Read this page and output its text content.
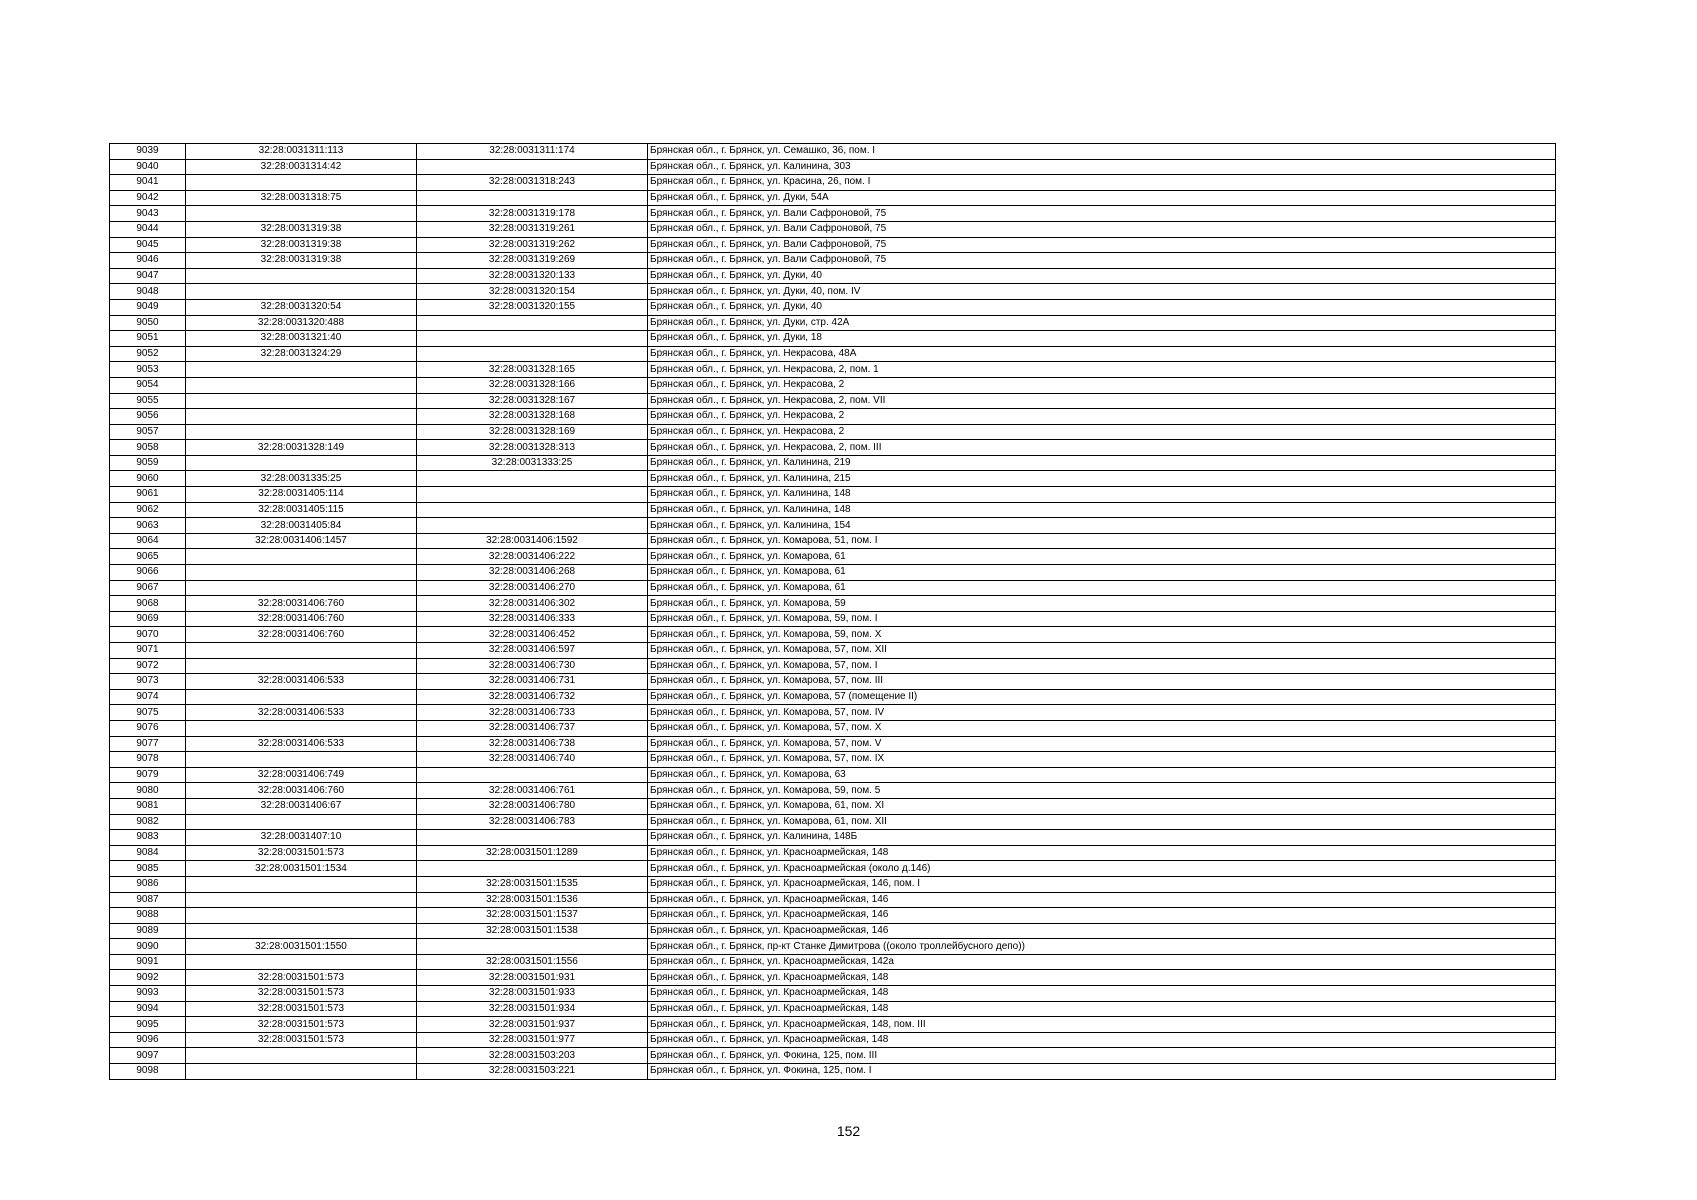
9039	32:28:0031311:113	32:28:0031311:174	Брянская обл., г. Брянск, ул. Семашко, 36, пом. I
9040	32:28:0031314:42		Брянская обл., г. Брянск, ул. Калинина, 303
9041		32:28:0031318:243	Брянская обл., г. Брянск, ул. Красина, 26, пом. I
9042	32:28:0031318:75		Брянская обл., г. Брянск, ул. Дуки, 54А
9043		32:28:0031319:178	Брянская обл., г. Брянск, ул. Вали Сафроновой, 75
9044	32:28:0031319:38	32:28:0031319:261	Брянская обл., г. Брянск, ул. Вали Сафроновой, 75
9045	32:28:0031319:38	32:28:0031319:262	Брянская обл., г. Брянск, ул. Вали Сафроновой, 75
9046	32:28:0031319:38	32:28:0031319:269	Брянская обл., г. Брянск, ул. Вали Сафроновой, 75
9047		32:28:0031320:133	Брянская обл., г. Брянск, ул. Дуки, 40
9048		32:28:0031320:154	Брянская обл., г. Брянск, ул. Дуки, 40, пом. IV
9049	32:28:0031320:54	32:28:0031320:155	Брянская обл., г. Брянск, ул. Дуки, 40
9050	32:28:0031320:488		Брянская обл., г. Брянск, ул. Дуки, стр. 42А
9051	32:28:0031321:40		Брянская обл., г. Брянск, ул. Дуки, 18
9052	32:28:0031324:29		Брянская обл., г. Брянск, ул. Некрасова, 48А
9053		32:28:0031328:165	Брянская обл., г. Брянск, ул. Некрасова, 2, пом. 1
9054		32:28:0031328:166	Брянская обл., г. Брянск, ул. Некрасова, 2
9055		32:28:0031328:167	Брянская обл., г. Брянск, ул. Некрасова, 2, пом. VII
9056		32:28:0031328:168	Брянская обл., г. Брянск, ул. Некрасова, 2
9057		32:28:0031328:169	Брянская обл., г. Брянск, ул. Некрасова, 2
9058	32:28:0031328:149	32:28:0031328:313	Брянская обл., г. Брянск, ул. Некрасова, 2, пом. III
9059		32:28:0031333:25	Брянская обл., г. Брянск, ул. Калинина, 219
9060	32:28:0031335:25		Брянская обл., г. Брянск, ул. Калинина, 215
9061	32:28:0031405:114		Брянская обл., г. Брянск, ул. Калинина, 148
9062	32:28:0031405:115		Брянская обл., г. Брянск, ул. Калинина, 148
9063	32:28:0031405:84		Брянская обл., г. Брянск, ул. Калинина, 154
9064	32:28:0031406:1457	32:28:0031406:1592	Брянская обл., г. Брянск, ул. Комарова, 51, пом. I
9065		32:28:0031406:222	Брянская обл., г. Брянск, ул. Комарова, 61
9066		32:28:0031406:268	Брянская обл., г. Брянск, ул. Комарова, 61
9067		32:28:0031406:270	Брянская обл., г. Брянск, ул. Комарова, 61
9068	32:28:0031406:760	32:28:0031406:302	Брянская обл., г. Брянск, ул. Комарова, 59
9069	32:28:0031406:760	32:28:0031406:333	Брянская обл., г. Брянск, ул. Комарова, 59, пом. I
9070	32:28:0031406:760	32:28:0031406:452	Брянская обл., г. Брянск, ул. Комарова, 59, пом. X
9071		32:28:0031406:597	Брянская обл., г. Брянск, ул. Комарова, 57, пом. XII
9072		32:28:0031406:730	Брянская обл., г. Брянск, ул. Комарова, 57, пом. I
9073	32:28:0031406:533	32:28:0031406:731	Брянская обл., г. Брянск, ул. Комарова, 57, пом. III
9074		32:28:0031406:732	Брянская обл., г. Брянск, ул. Комарова, 57 (помещение II)
9075	32:28:0031406:533	32:28:0031406:733	Брянская обл., г. Брянск, ул. Комарова, 57, пом. IV
9076		32:28:0031406:737	Брянская обл., г. Брянск, ул. Комарова, 57, пом. X
9077	32:28:0031406:533	32:28:0031406:738	Брянская обл., г. Брянск, ул. Комарова, 57, пом. V
9078		32:28:0031406:740	Брянская обл., г. Брянск, ул. Комарова, 57, пом. IX
9079	32:28:0031406:749		Брянская обл., г. Брянск, ул. Комарова, 63
9080	32:28:0031406:760	32:28:0031406:761	Брянская обл., г. Брянск, ул. Комарова, 59, пом. 5
9081	32:28:0031406:67	32:28:0031406:780	Брянская обл., г. Брянск, ул. Комарова, 61, пом. XI
9082		32:28:0031406:783	Брянская обл., г. Брянск, ул. Комарова, 61, пом. XII
9083	32:28:0031407:10		Брянская обл., г. Брянск, ул. Калинина, 148Б
9084	32:28:0031501:573	32:28:0031501:1289	Брянская обл., г. Брянск, ул. Красноармейская, 148
9085	32:28:0031501:1534		Брянская обл., г. Брянск, ул. Красноармейская (около д.146)
9086		32:28:0031501:1535	Брянская обл., г. Брянск, ул. Красноармейская, 146, пом. I
9087		32:28:0031501:1536	Брянская обл., г. Брянск, ул. Красноармейская, 146
9088		32:28:0031501:1537	Брянская обл., г. Брянск, ул. Красноармейская, 146
9089		32:28:0031501:1538	Брянская обл., г. Брянск, ул. Красноармейская, 146
9090	32:28:0031501:1550		Брянская обл., г. Брянск, пр-кт Станке Димитрова ((около троллейбусного депо))
9091		32:28:0031501:1556	Брянская обл., г. Брянск, ул. Красноармейская, 142а
9092	32:28:0031501:573	32:28:0031501:931	Брянская обл., г. Брянск, ул. Красноармейская, 148
9093	32:28:0031501:573	32:28:0031501:933	Брянская обл., г. Брянск, ул. Красноармейская, 148
9094	32:28:0031501:573	32:28:0031501:934	Брянская обл., г. Брянск, ул. Красноармейская, 148
9095	32:28:0031501:573	32:28:0031501:937	Брянская обл., г. Брянск, ул. Красноармейская, 148, пом. III
9096	32:28:0031501:573	32:28:0031501:977	Брянская обл., г. Брянск, ул. Красноармейская, 148
9097		32:28:0031503:203	Брянская обл., г. Брянск, ул. Фокина, 125, пом. III
9098		32:28:0031503:221	Брянская обл., г. Брянск, ул. Фокина, 125, пом. I
152
